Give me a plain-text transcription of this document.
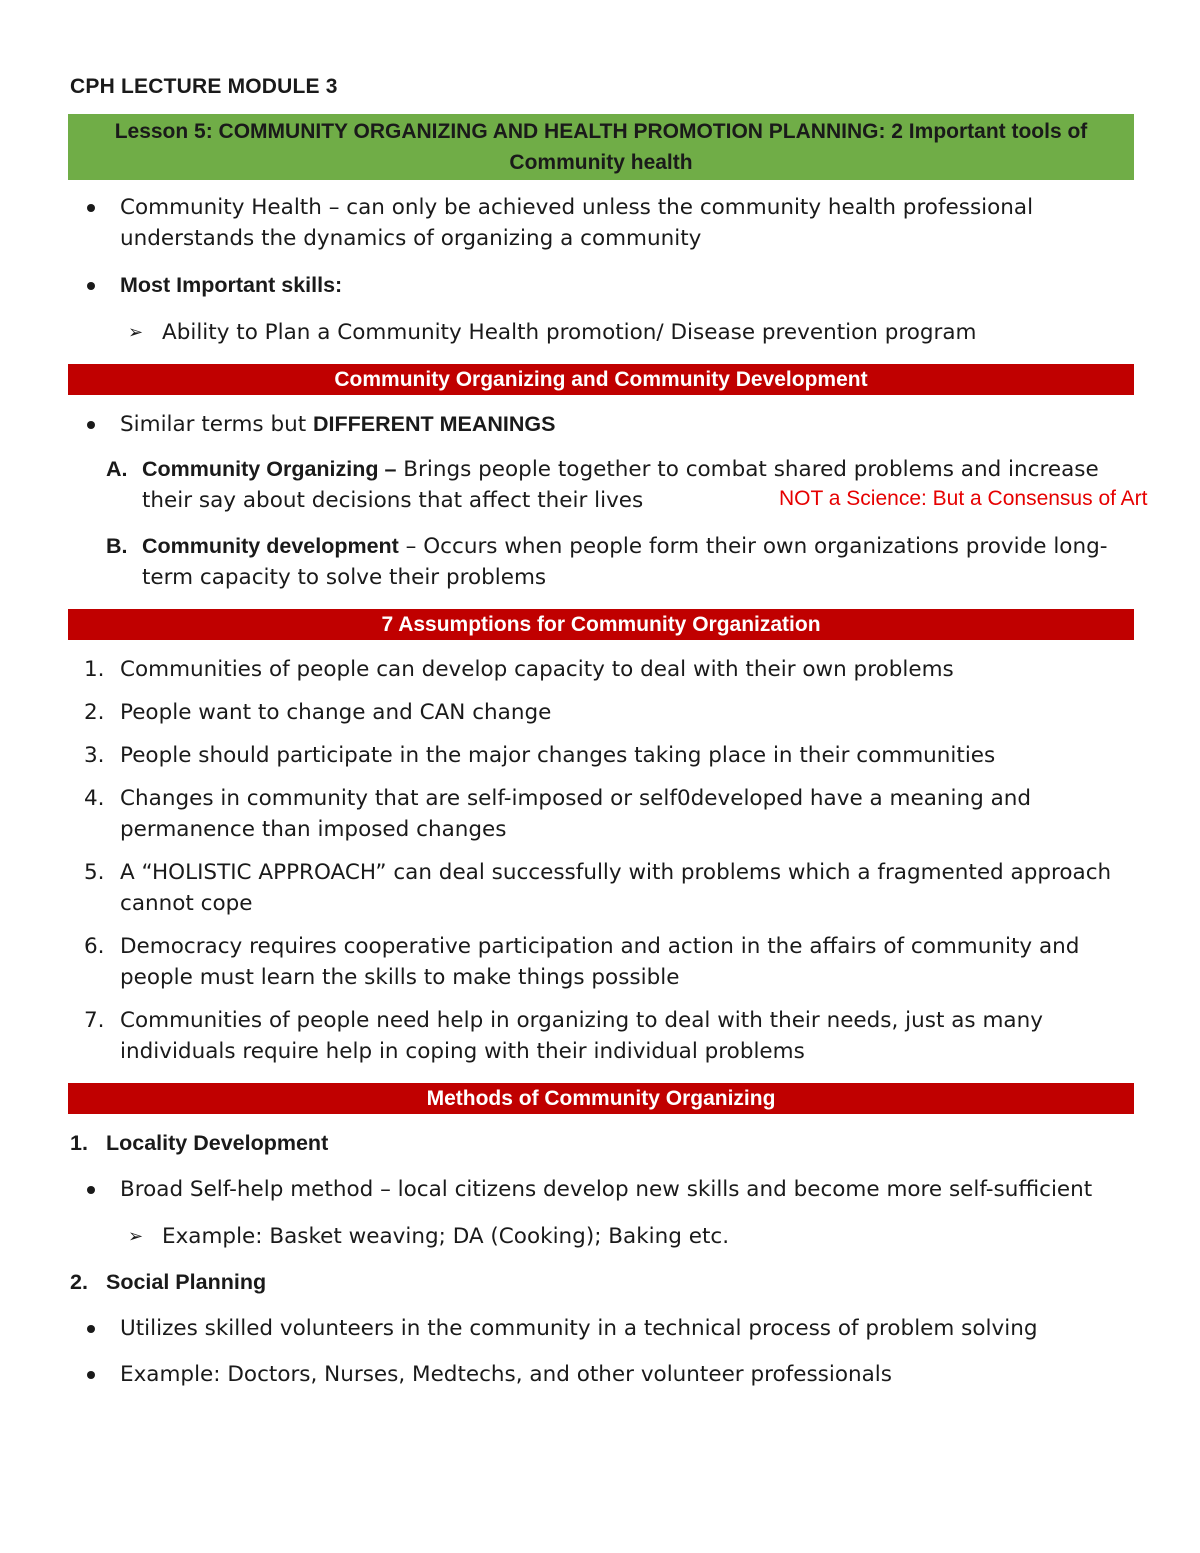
CPH LECTURE MODULE 3
Lesson 5: COMMUNITY ORGANIZING AND HEALTH PROMOTION PLANNING: 2 Important tools of Community health
Community Health – can only be achieved unless the community health professional understands the dynamics of organizing a community
Most Important skills:
➢ Ability to Plan a Community Health promotion/ Disease prevention program
Community Organizing and Community Development
Similar terms but DIFFERENT MEANINGS
A. Community Organizing – Brings people together to combat shared problems and increase their say about decisions that affect their lives
B. Community development – Occurs when people form their own organizations provide long-term capacity to solve their problems
7 Assumptions for Community Organization
1. Communities of people can develop capacity to deal with their own problems
2. People want to change and CAN change
3. People should participate in the major changes taking place in their communities
4. Changes in community that are self-imposed or self0developed have a meaning and permanence than imposed changes
5. A “HOLISTIC APPROACH” can deal successfully with problems which a fragmented approach cannot cope
6. Democracy requires cooperative participation and action in the affairs of community and people must learn the skills to make things possible
7. Communities of people need help in organizing to deal with their needs, just as many individuals require help in coping with their individual problems
Methods of Community Organizing
1. Locality Development
Broad Self-help method – local citizens develop new skills and become more self-sufficient
➢ Example: Basket weaving; DA (Cooking); Baking etc.
2. Social Planning
Utilizes skilled volunteers in the community in a technical process of problem solving
Example: Doctors, Nurses, Medtechs, and other volunteer professionals
NOT a Science: But a Consensus of Art
